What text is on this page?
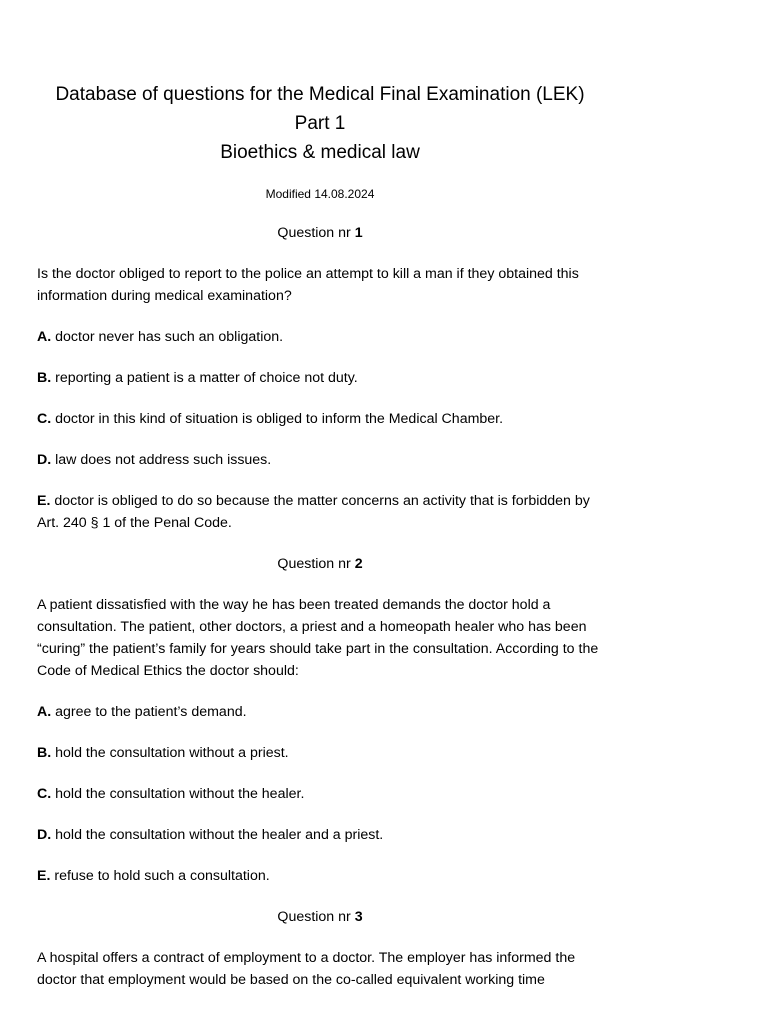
Database of questions for the Medical Final Examination (LEK)
Part 1
Bioethics & medical law
Modified 14.08.2024
Question nr 1
Is the doctor obliged to report to the police an attempt to kill a man if they obtained this information during medical examination?
A. doctor never has such an obligation.
B. reporting a patient is a matter of choice not duty.
C. doctor in this kind of situation is obliged to inform the Medical Chamber.
D. law does not address such issues.
E. doctor is obliged to do so because the matter concerns an activity that is forbidden by Art. 240 § 1 of the Penal Code.
Question nr 2
A patient dissatisfied with the way he has been treated demands the doctor hold a consultation. The patient, other doctors, a priest and a homeopath healer who has been “curing” the patient’s family for years should take part in the consultation. According to the Code of Medical Ethics the doctor should:
A. agree to the patient’s demand.
B. hold the consultation without a priest.
C. hold the consultation without the healer.
D. hold the consultation without the healer and a priest.
E. refuse to hold such a consultation.
Question nr 3
A hospital offers a contract of employment to a doctor. The employer has informed the doctor that employment would be based on the co-called equivalent working time
